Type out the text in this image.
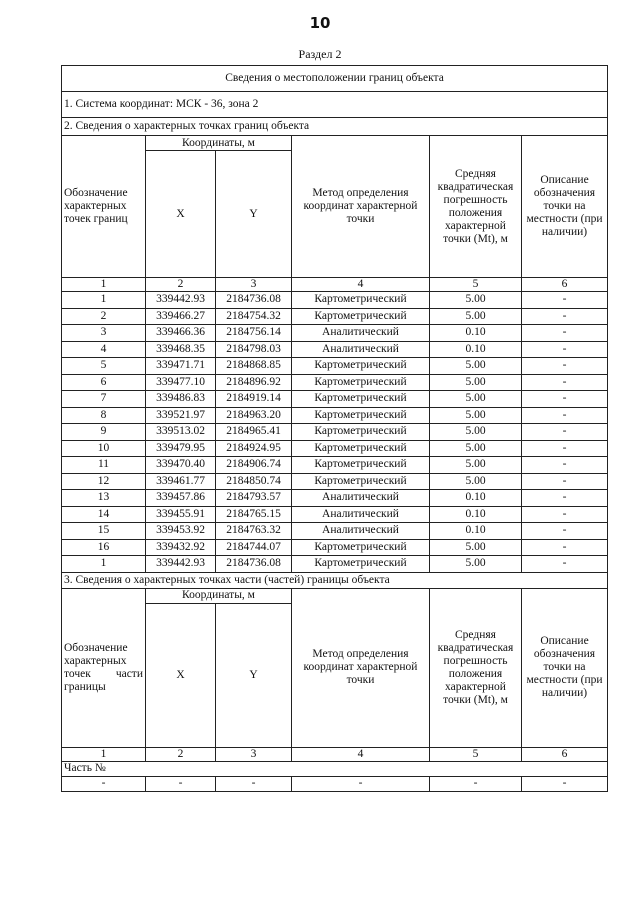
10
Раздел 2
Сведения о местоположении границ объекта					
1. Система координат: МСК - 36, зона 2					
2. Сведения о характерных точках границ объекта					
Обозначение характерных точек границ	Координаты, м		Метод определения координат характерной точки	Средняя квадратическая погрешность положения характерной точки (Mt), м	Описание обозначения точки на местности (при наличии)
	X	Y			
1	2	3	4	5	6
1	339442.93	2184736.08	Картометрический	5.00	-
2	339466.27	2184754.32	Картометрический	5.00	-
3	339466.36	2184756.14	Аналитический	0.10	-
4	339468.35	2184798.03	Аналитический	0.10	-
5	339471.71	2184868.85	Картометрический	5.00	-
6	339477.10	2184896.92	Картометрический	5.00	-
7	339486.83	2184919.14	Картометрический	5.00	-
8	339521.97	2184963.20	Картометрический	5.00	-
9	339513.02	2184965.41	Картометрический	5.00	-
10	339479.95	2184924.95	Картометрический	5.00	-
11	339470.40	2184906.74	Картометрический	5.00	-
12	339461.77	2184850.74	Картометрический	5.00	-
13	339457.86	2184793.57	Аналитический	0.10	-
14	339455.91	2184765.15	Аналитический	0.10	-
15	339453.92	2184763.32	Аналитический	0.10	-
16	339432.92	2184744.07	Картометрический	5.00	-
1	339442.93	2184736.08	Картометрический	5.00	-
3. Сведения о характерных точках части (частей) границы объекта					
Обозначение характерных точек части границы	Координаты, м		Метод определения координат характерной точки	Средняя квадратическая погрешность положения характерной точки (Mt), м	Описание обозначения точки на местности (при наличии)
	X	Y			
1	2	3	4	5	6
Часть №					
-	-	-	-	-	-
